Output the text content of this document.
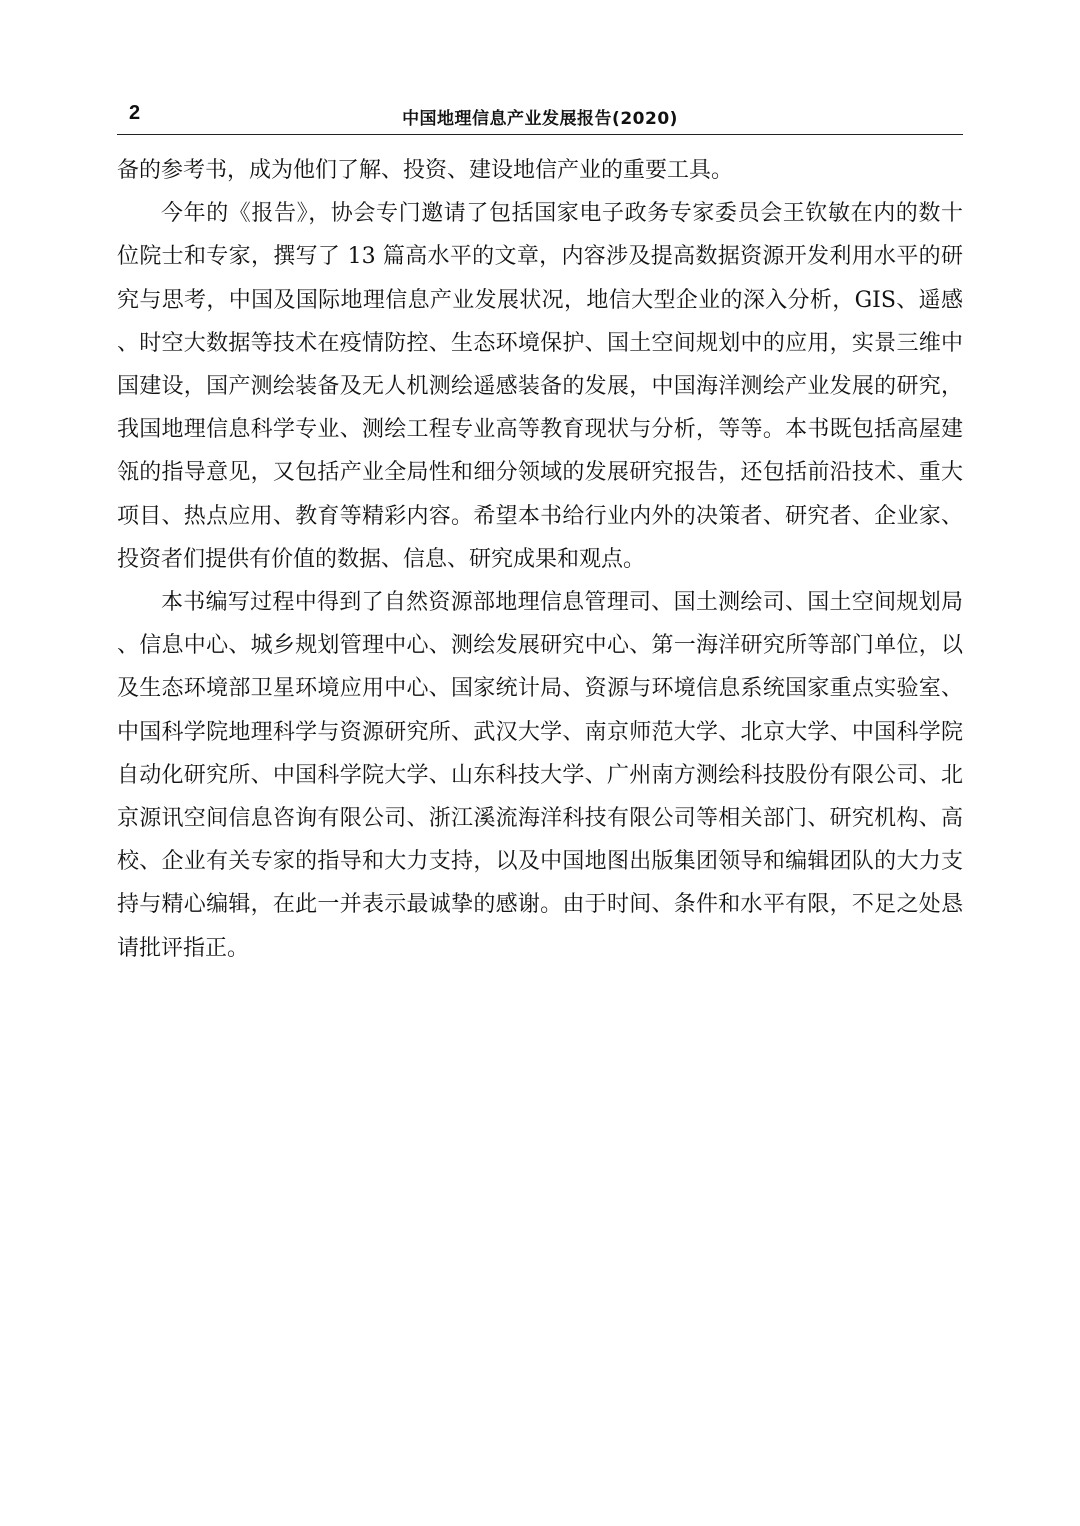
2	中国地理信息产业发展报告(2020)

备的参考书，成为他们了解、投资、建设地信产业的重要工具。

今年的《报告》，协会专门邀请了包括国家电子政务专家委员会王钦敏在内的数十位院士和专家，撰写了 13 篇高水平的文章，内容涉及提高数据资源开发利用水平的研究与思考，中国及国际地理信息产业发展状况，地信大型企业的深入分析，GIS、遥感、时空大数据等技术在疫情防控、生态环境保护、国土空间规划中的应用，实景三维中国建设，国产测绘装备及无人机测绘遥感装备的发展，中国海洋测绘产业发展的研究，我国地理信息科学专业、测绘工程专业高等教育现状与分析，等等。本书既包括高屋建瓴的指导意见，又包括产业全局性和细分领域的发展研究报告，还包括前沿技术、重大项目、热点应用、教育等精彩内容。希望本书给行业内外的决策者、研究者、企业家、投资者们提供有价值的数据、信息、研究成果和观点。

本书编写过程中得到了自然资源部地理信息管理司、国土测绘司、国土空间规划局、信息中心、城乡规划管理中心、测绘发展研究中心、第一海洋研究所等部门单位，以及生态环境部卫星环境应用中心、国家统计局、资源与环境信息系统国家重点实验室、中国科学院地理科学与资源研究所、武汉大学、南京师范大学、北京大学、中国科学院自动化研究所、中国科学院大学、山东科技大学、广州南方测绘科技股份有限公司、北京源讯空间信息咨询有限公司、浙江溪流海洋科技有限公司等相关部门、研究机构、高校、企业有关专家的指导和大力支持，以及中国地图出版集团领导和编辑团队的大力支持与精心编辑，在此一并表示最诚挚的感谢。由于时间、条件和水平有限，不足之处恳请批评指正。
